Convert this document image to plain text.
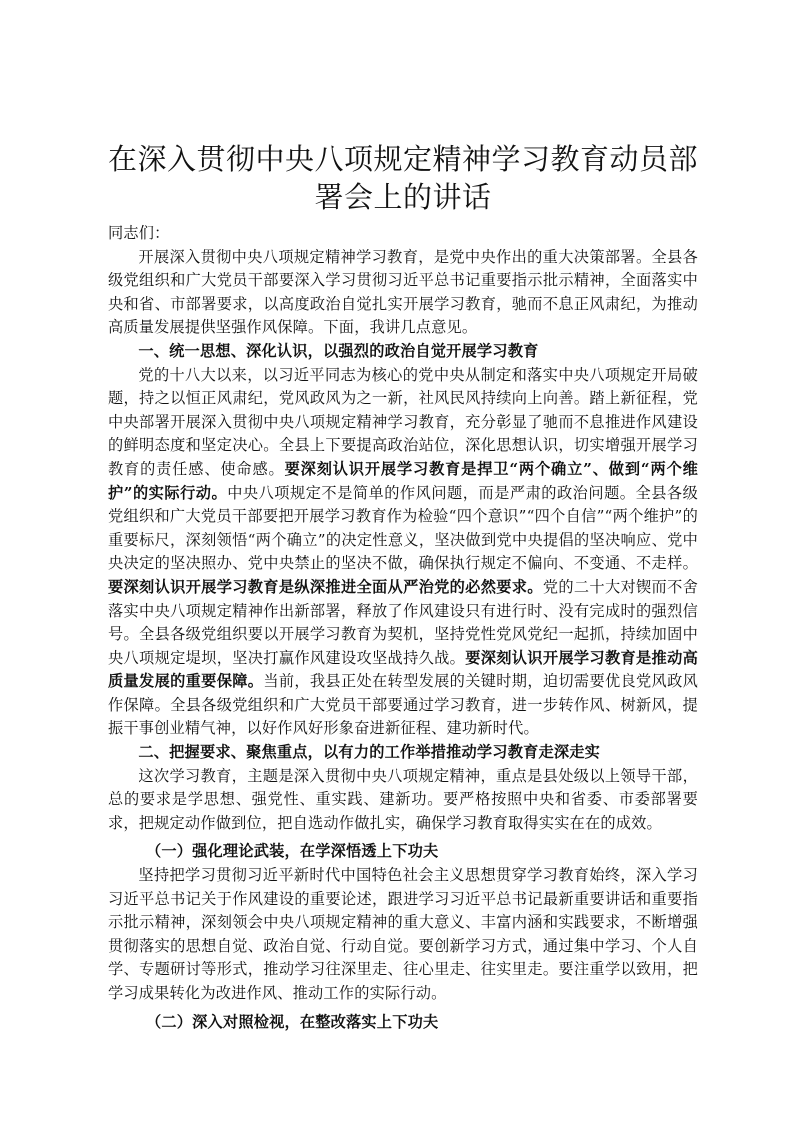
在深入贯彻中央八项规定精神学习教育动员部
署会上的讲话

同志们：

开展深入贯彻中央八项规定精神学习教育，是党中央作出的重大决策部署。全县各级党组织和广大党员干部要深入学习贯彻习近平总书记重要指示批示精神，全面落实中央和省、市部署要求，以高度政治自觉扎实开展学习教育，驰而不息正风肃纪，为推动高质量发展提供坚强作风保障。下面，我讲几点意见。

一、统一思想、深化认识，以强烈的政治自觉开展学习教育

党的十八大以来，以习近平同志为核心的党中央从制定和落实中央八项规定开局破题，持之以恒正风肃纪，党风政风为之一新，社风民风持续向上向善。踏上新征程，党中央部署开展深入贯彻中央八项规定精神学习教育，充分彰显了驰而不息推进作风建设的鲜明态度和坚定决心。全县上下要提高政治站位，深化思想认识，切实增强开展学习教育的责任感、使命感。要深刻认识开展学习教育是捍卫“两个确立”、做到“两个维护”的实际行动。中央八项规定不是简单的作风问题，而是严肃的政治问题。全县各级党组织和广大党员干部要把开展学习教育作为检验“四个意识”“四个自信”“两个维护”的重要标尺，深刻领悟“两个确立”的决定性意义，坚决做到党中央提倡的坚决响应、党中央决定的坚决照办、党中央禁止的坚决不做，确保执行规定不偏向、不变通、不走样。要深刻认识开展学习教育是纵深推进全面从严治党的必然要求。党的二十大对锲而不舍落实中央八项规定精神作出新部署，释放了作风建设只有进行时、没有完成时的强烈信号。全县各级党组织要以开展学习教育为契机，坚持党性党风党纪一起抓，持续加固中央八项规定堤坝，坚决打赢作风建设攻坚战持久战。要深刻认识开展学习教育是推动高质量发展的重要保障。当前，我县正处在转型发展的关键时期，迫切需要优良党风政风作保障。全县各级党组织和广大党员干部要通过学习教育，进一步转作风、树新风，提振干事创业精气神，以好作风好形象奋进新征程、建功新时代。

二、把握要求、聚焦重点，以有力的工作举措推动学习教育走深走实

这次学习教育，主题是深入贯彻中央八项规定精神，重点是县处级以上领导干部，总的要求是学思想、强党性、重实践、建新功。要严格按照中央和省委、市委部署要求，把规定动作做到位，把自选动作做扎实，确保学习教育取得实实在在的成效。

（一）强化理论武装，在学深悟透上下功夫

坚持把学习贯彻习近平新时代中国特色社会主义思想贯穿学习教育始终，深入学习习近平总书记关于作风建设的重要论述，跟进学习习近平总书记最新重要讲话和重要指示批示精神，深刻领会中央八项规定精神的重大意义、丰富内涵和实践要求，不断增强贯彻落实的思想自觉、政治自觉、行动自觉。要创新学习方式，通过集中学习、个人自学、专题研讨等形式，推动学习往深里走、往心里走、往实里走。要注重学以致用，把学习成果转化为改进作风、推动工作的实际行动。

（二）深入对照检视，在整改落实上下功夫
